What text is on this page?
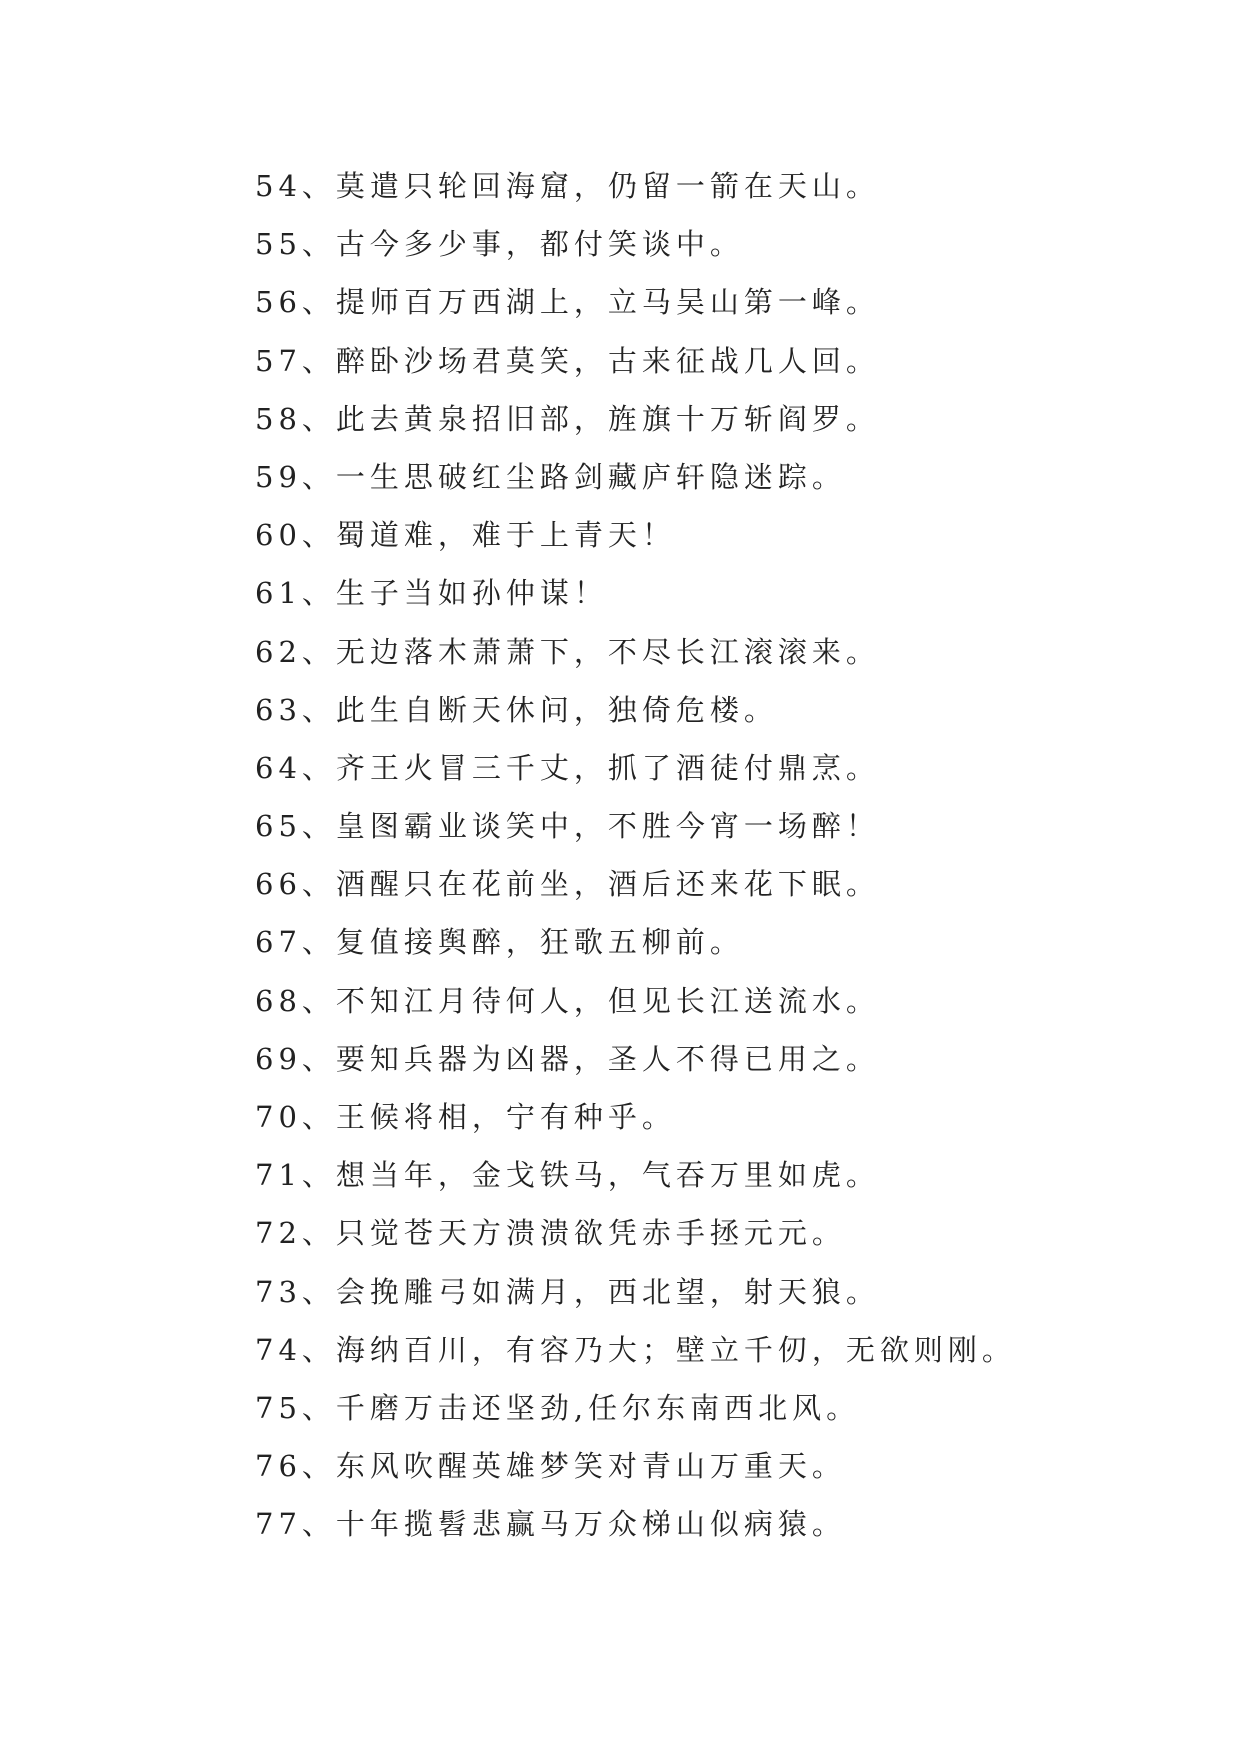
54、莫遣只轮回海窟，仍留一箭在天山。
55、古今多少事，都付笑谈中。
56、提师百万西湖上，立马吴山第一峰。
57、醉卧沙场君莫笑，古来征战几人回。
58、此去黄泉招旧部，旌旗十万斩阎罗。
59、一生思破红尘路剑藏庐轩隐迷踪。
60、蜀道难，难于上青天！
61、生子当如孙仲谋！
62、无边落木萧萧下，不尽长江滚滚来。
63、此生自断天休问，独倚危楼。
64、齐王火冒三千丈，抓了酒徒付鼎烹。
65、皇图霸业谈笑中，不胜今宵一场醉！
66、酒醒只在花前坐，酒后还来花下眠。
67、复值接舆醉，狂歌五柳前。
68、不知江月待何人，但见长江送流水。
69、要知兵器为凶器，圣人不得已用之。
70、王候将相，宁有种乎。
71、想当年，金戈铁马，气吞万里如虎。
72、只觉苍天方溃溃欲凭赤手拯元元。
73、会挽雕弓如满月，西北望，射天狼。
74、海纳百川，有容乃大；壁立千仞，无欲则刚。
75、千磨万击还坚劲,任尔东南西北风。
76、东风吹醒英雄梦笑对青山万重天。
77、十年揽髫悲赢马万众梯山似病猿。
